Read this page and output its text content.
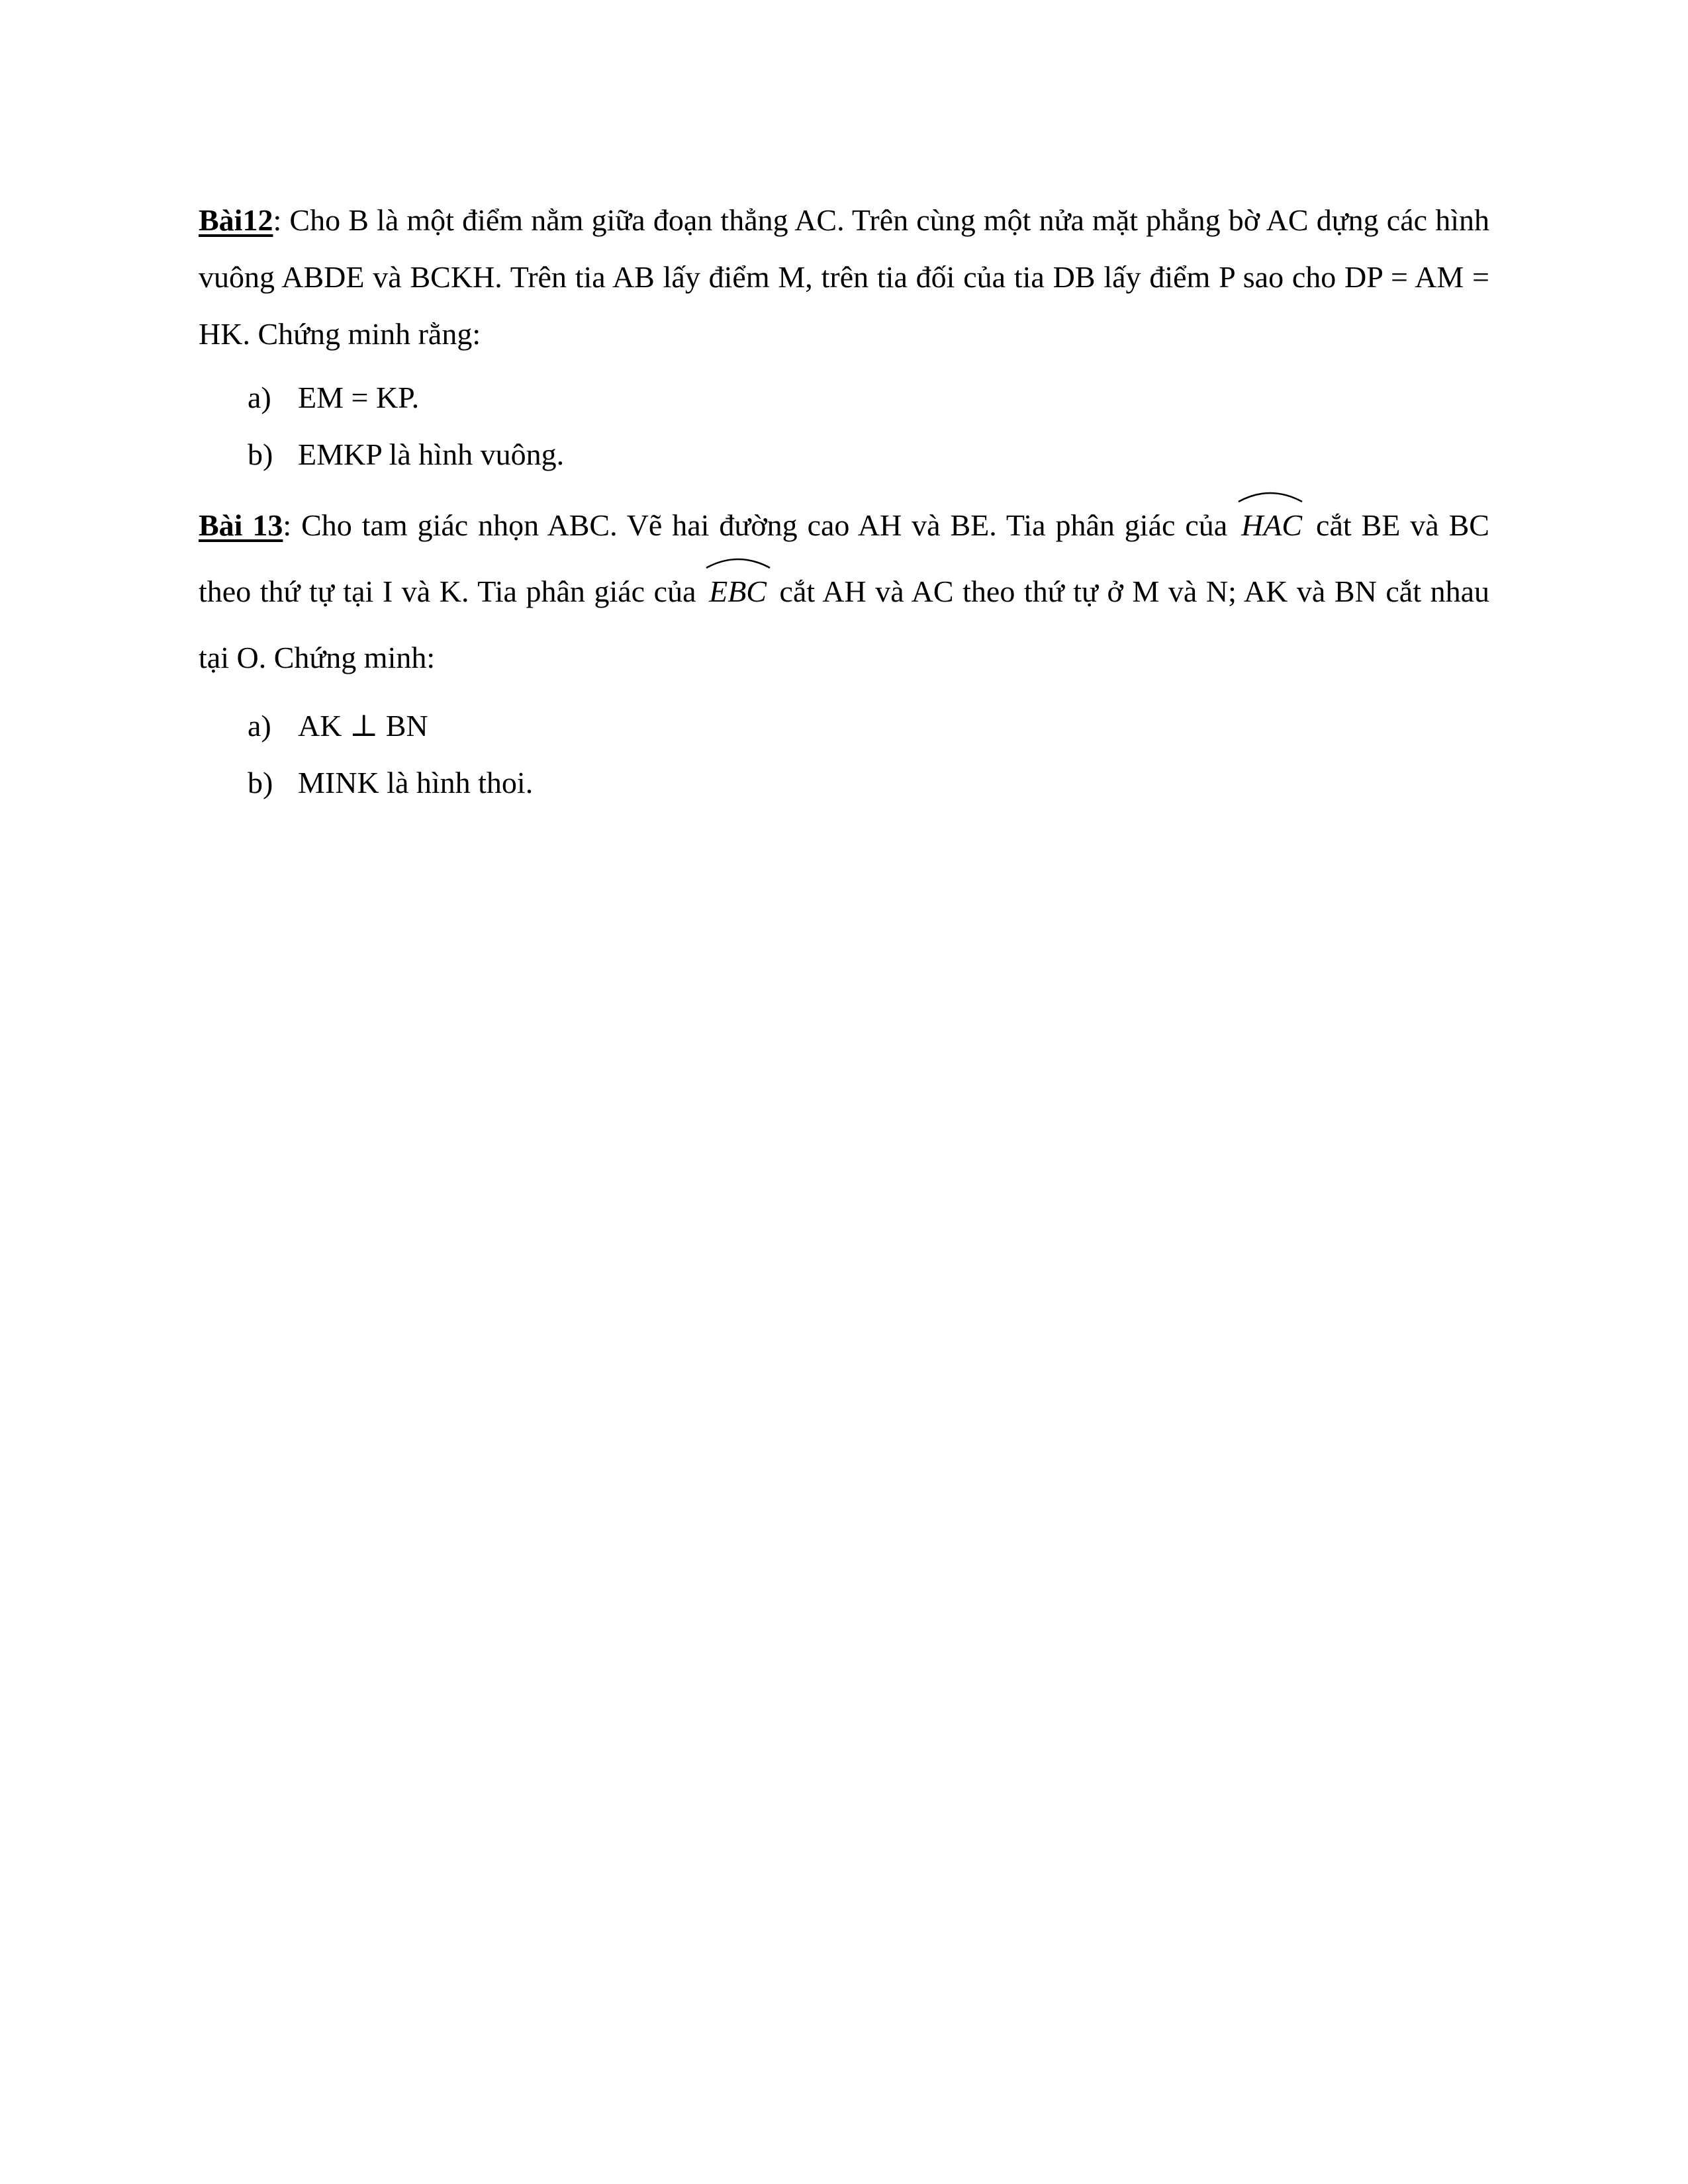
Bài12: Cho B là một điểm nằm giữa đoạn thẳng AC. Trên cùng một nửa mặt phẳng bờ AC dựng các hình vuông ABDE và BCKH. Trên tia AB lấy điểm M, trên tia đối của tia DB lấy điểm P sao cho DP = AM = HK. Chứng minh rằng:

a) EM = KP.
b) EMKP là hình vuông.

Bài 13: Cho tam giác nhọn ABC. Vẽ hai đường cao AH và BE. Tia phân giác của
HAC cắt BE và BC theo thứ tự tại I và K. Tia phân giác của
EBC cắt AH và AC theo thứ tự ở M và N; AK và BN cắt nhau tại O. Chứng minh:

a) AK ⊥ BN
b) MINK là hình thoi.
